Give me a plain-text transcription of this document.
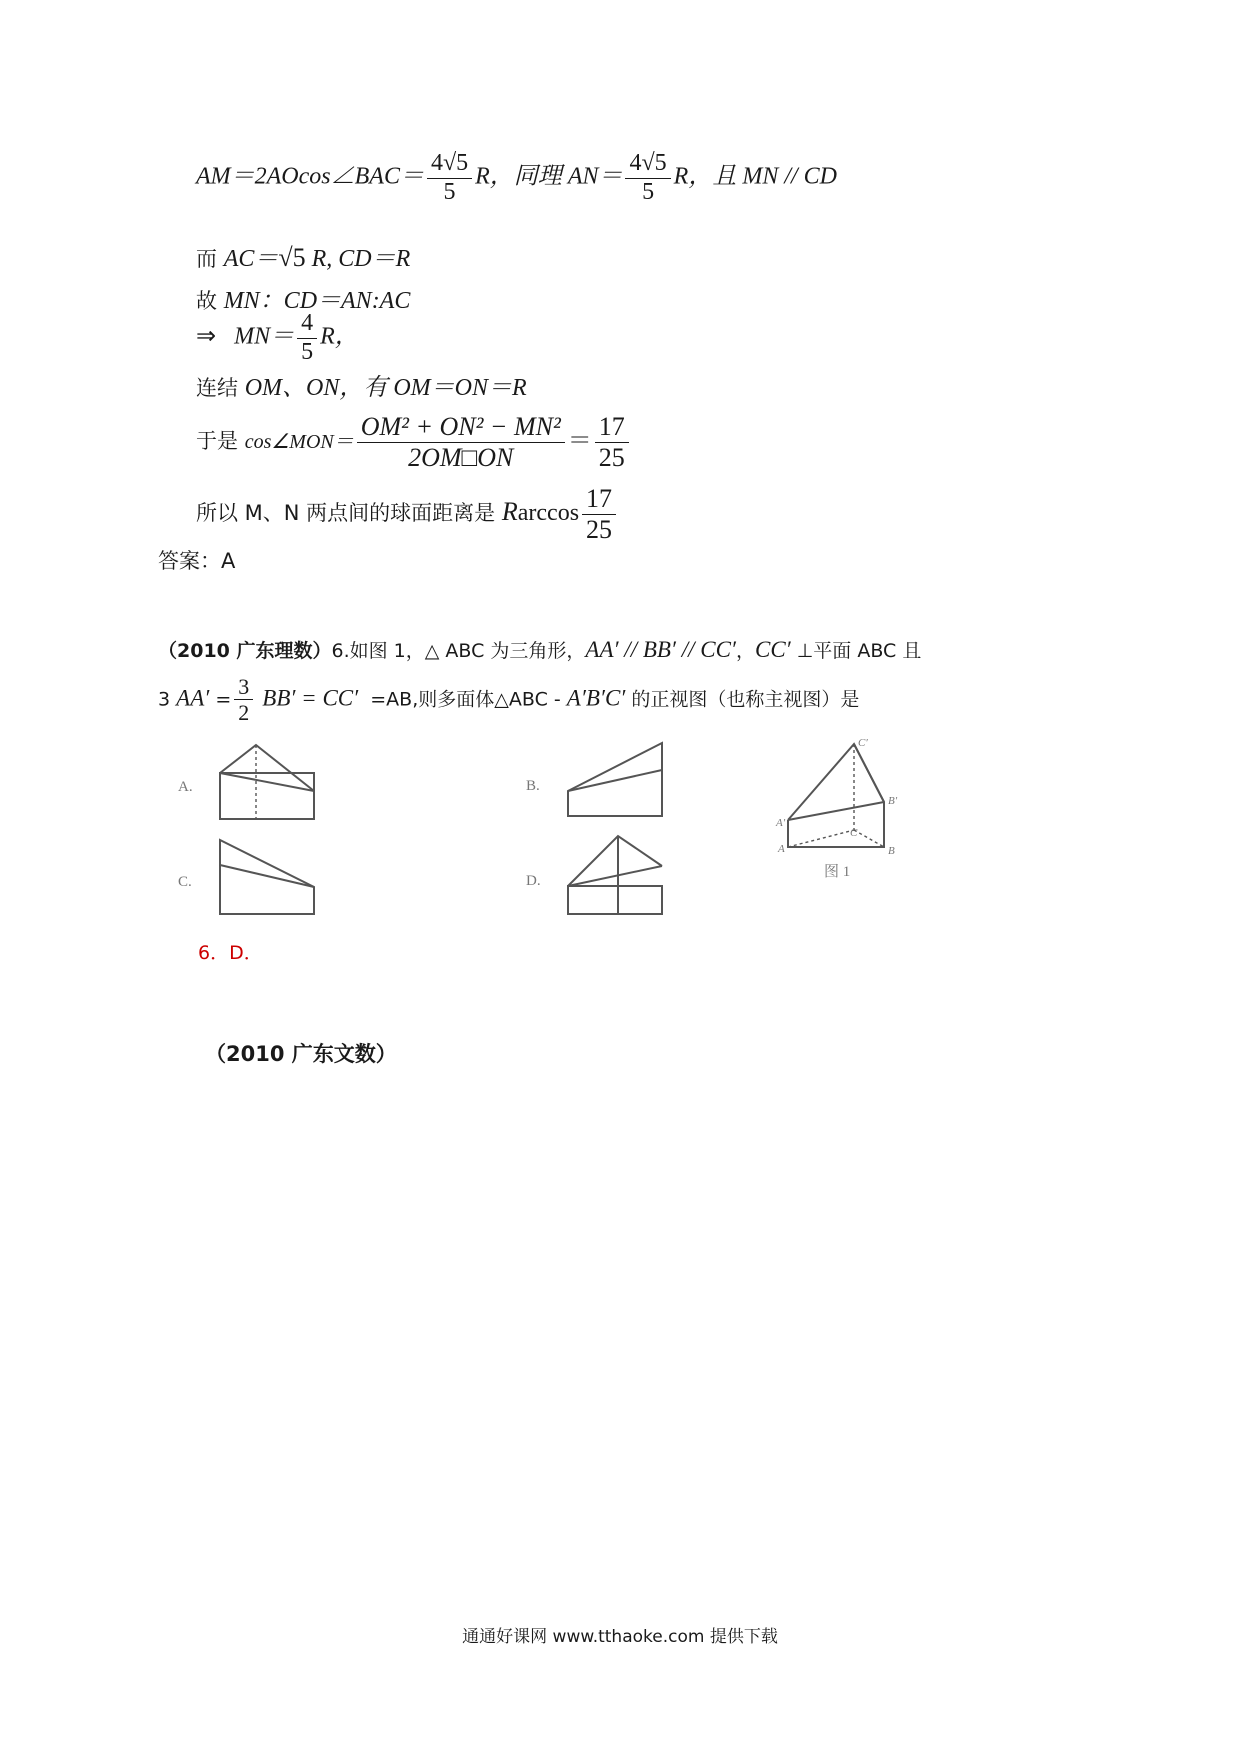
AM＝2AOcos∠BAC＝ $\frac{4√5}{5}$ R，同理 $AN= \frac{4√5}{5}$ R，且 MN // CD
而 AC＝√5 R, CD＝R
故 MN：CD＝AN:AC
⇒ $MN= \frac{4}{5}$ R，
连结 OM、ON，有 OM＝ON＝R
于是 cos∠MON＝ $\frac{\text{OM² + ON² − MN²}}{2OM□ON} = \frac{17}{25}$
所以 M、N 两点间的球面距离是 Rarccos $\frac{17}{25}$
答案：A
（2010 广东理数）6.如图 1，△ ABC 为三角形，AA′ // BB′ // CC′，CC′ ⊥平面 ABC 且
3 $AA' = \frac{3}{2} BB' = CC' =AB$,则多面体△ABC - A′B′C′ 的正视图（也称主视图）是
A.	B.
C.	D.
C′
B′
A′
C
A	B
图 1
6．D．
（2010 广东文数）
通通好课网 www.tthaoke.com 提供下载
